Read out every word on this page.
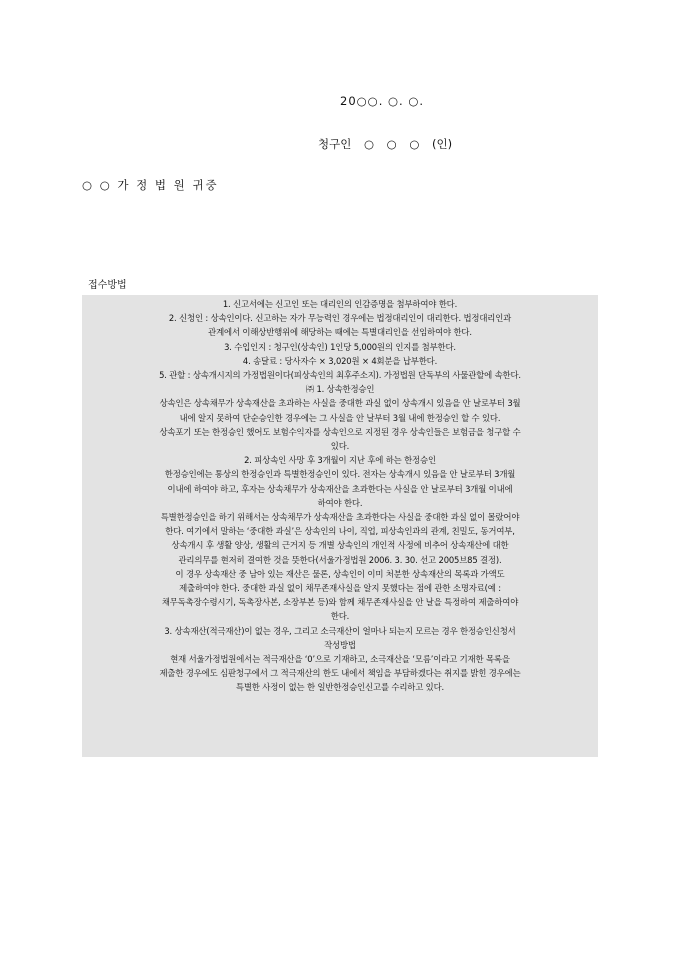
20○○. ○. ○.
청구인 ○ ○ ○ (인)
○ ○ 가 정 법 원 귀중
접수방법
1. 신고서에는 신고인 또는 대리인의 인감증명을 첨부하여야 한다.
2. 신청인 : 상속인이다. 신고하는 자가 무능력인 경우에는 법정대리인이 대리한다. 법정대리인과
관계에서 이해상반행위에 해당하는 때에는 특별대리인을 선임하여야 한다.
3. 수입인지 : 청구인(상속인) 1인당 5,000원의 인지를 첨부한다.
4. 송달료 : 당사자수 × 3,020원 × 4회분을 납부한다.
5. 관할 : 상속개시지의 가정법원이다(피상속인의 최후주소지). 가정법원 단독부의 사물관할에 속한다.
㈜ 1. 상속한정승인
상속인은 상속채무가 상속재산을 초과하는 사실을 중대한 과실 없이 상속개시 있음을 안 날로부터 3월
내에 알지 못하여 단순승인한 경우에는 그 사실을 안 날부터 3월 내에 한정승인 할 수 있다.
상속포기 또는 한정승인 했어도 보험수익자를 상속인으로 지정된 경우 상속인들은 보험금을 청구할 수
있다.
2. 피상속인 사망 후 3개월이 지난 후에 하는 한정승인
한정승인에는 통상의 한정승인과 특별한정승인이 있다. 전자는 상속개시 있음을 안 날로부터 3개월
이내에 하여야 하고, 후자는 상속채무가 상속재산을 초과한다는 사실을 안 날로부터 3개월 이내에
하여야 한다.
특별한정승인을 하기 위해서는 상속채무가 상속재산을 초과한다는 사실을 중대한 과실 없이 몰랐어야
한다. 여기에서 말하는 ‘중대한 과실’은 상속인의 나이, 직업, 피상속인과의 관계, 친밀도, 동거여부,
상속개시 후 생활 양상, 생활의 근거지 등 개별 상속인의 개인적 사정에 비추어 상속재산에 대한
관리의무를 현저히 결여한 것을 뜻한다(서울가정법원 2006. 3. 30. 선고 2005브85 결정).
이 경우 상속재산 중 남아 있는 재산은 물론, 상속인이 이미 처분한 상속재산의 목록과 가액도
제출하여야 한다. 중대한 과실 없이 채무존재사실을 알지 못했다는 점에 관한 소명자료(예 :
채무독촉장수령시기, 독촉장사본, 소장부본 등)와 함께 채무존재사실을 안 날을 특정하여 제출하여야
한다.
3. 상속재산(적극재산)이 없는 경우, 그리고 소극재산이 얼마나 되는지 모르는 경우 한정승인신청서
작성방법
현재 서울가정법원에서는 적극재산을 ‘0’으로 기재하고, 소극재산을 ‘모름’이라고 기재한 목록을
제출한 경우에도 심판청구에서 그 적극재산의 한도 내에서 책임을 부담하겠다는 취지를 밝힌 경우에는
특별한 사정이 없는 한 일반한정승인신고를 수리하고 있다.
